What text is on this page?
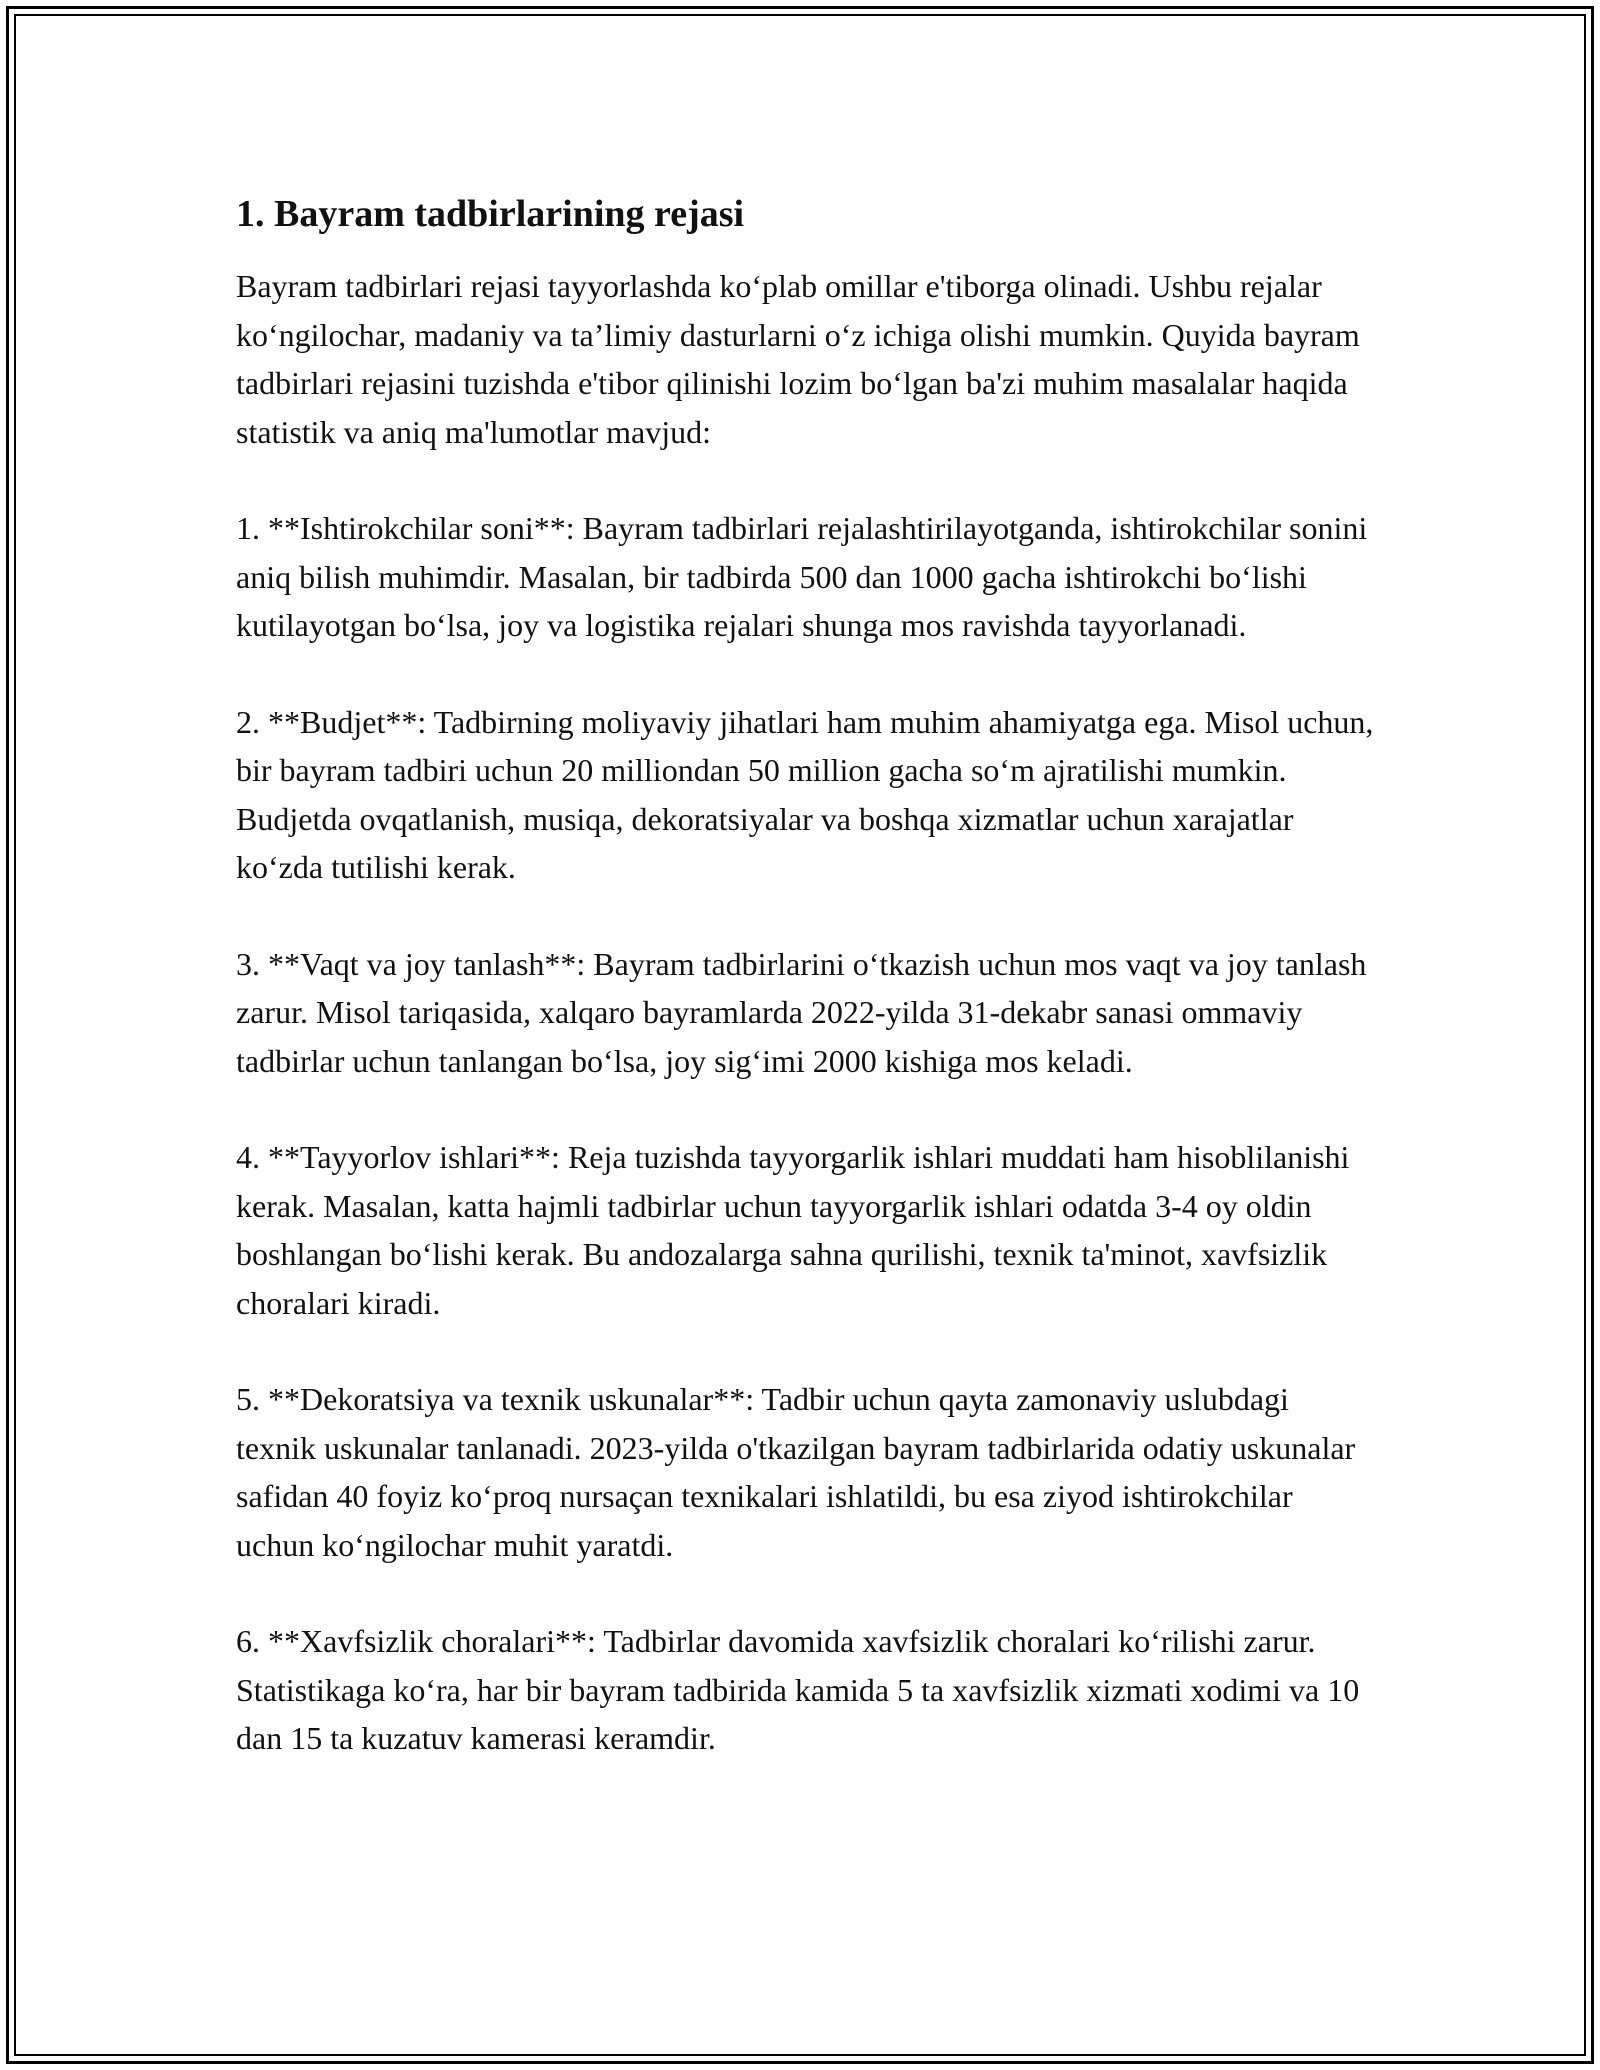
1. Bayram tadbirlarining rejasi

Bayram tadbirlari rejasi tayyorlashda koʻplab omillar e'tiborga olinadi. Ushbu rejalar koʻngilochar, madaniy va taʼlimiy dasturlarni oʻz ichiga olishi mumkin. Quyida bayram tadbirlari rejasini tuzishda e'tibor qilinishi lozim boʻlgan ba'zi muhim masalalar haqida statistik va aniq ma'lumotlar mavjud:

1. **Ishtirokchilar soni**: Bayram tadbirlari rejalashtirilayotganda, ishtirokchilar sonini aniq bilish muhimdir. Masalan, bir tadbirda 500 dan 1000 gacha ishtirokchi boʻlishi kutilayotgan boʻlsa, joy va logistika rejalari shunga mos ravishda tayyorlanadi.

2. **Budjet**: Tadbirning moliyaviy jihatlari ham muhim ahamiyatga ega. Misol uchun, bir bayram tadbiri uchun 20 milliondan 50 million gacha soʻm ajratilishi mumkin. Budjetda ovqatlanish, musiqa, dekoratsiyalar va boshqa xizmatlar uchun xarajatlar koʻzda tutilishi kerak.

3. **Vaqt va joy tanlash**: Bayram tadbirlarini oʻtkazish uchun mos vaqt va joy tanlash zarur. Misol tariqasida, xalqaro bayramlarda 2022-yilda 31-dekabr sanasi ommaviy tadbirlar uchun tanlangan boʻlsa, joy sigʻimi 2000 kishiga mos keladi.

4. **Tayyorlov ishlari**: Reja tuzishda tayyorgarlik ishlari muddati ham hisoblilanishi kerak. Masalan, katta hajmli tadbirlar uchun tayyorgarlik ishlari odatda 3-4 oy oldin boshlangan boʻlishi kerak. Bu andozalarga sahna qurilishi, texnik ta'minot, xavfsizlik choralari kiradi.

5. **Dekoratsiya va texnik uskunalar**: Tadbir uchun qayta zamonaviy uslubdagi texnik uskunalar tanlanadi. 2023-yilda o'tkazilgan bayram tadbirlarida odatiy uskunalar safidan 40 foyiz koʻproq nursaçan texnikalari ishlatildi, bu esa ziyod ishtirokchilar uchun koʻngilochar muhit yaratdi.

6. **Xavfsizlik choralari**: Tadbirlar davomida xavfsizlik choralari koʻrilishi zarur. Statistikaga koʻra, har bir bayram tadbirida kamida 5 ta xavfsizlik xizmati xodimi va 10 dan 15 ta kuzatuv kamerasi keramdir.
